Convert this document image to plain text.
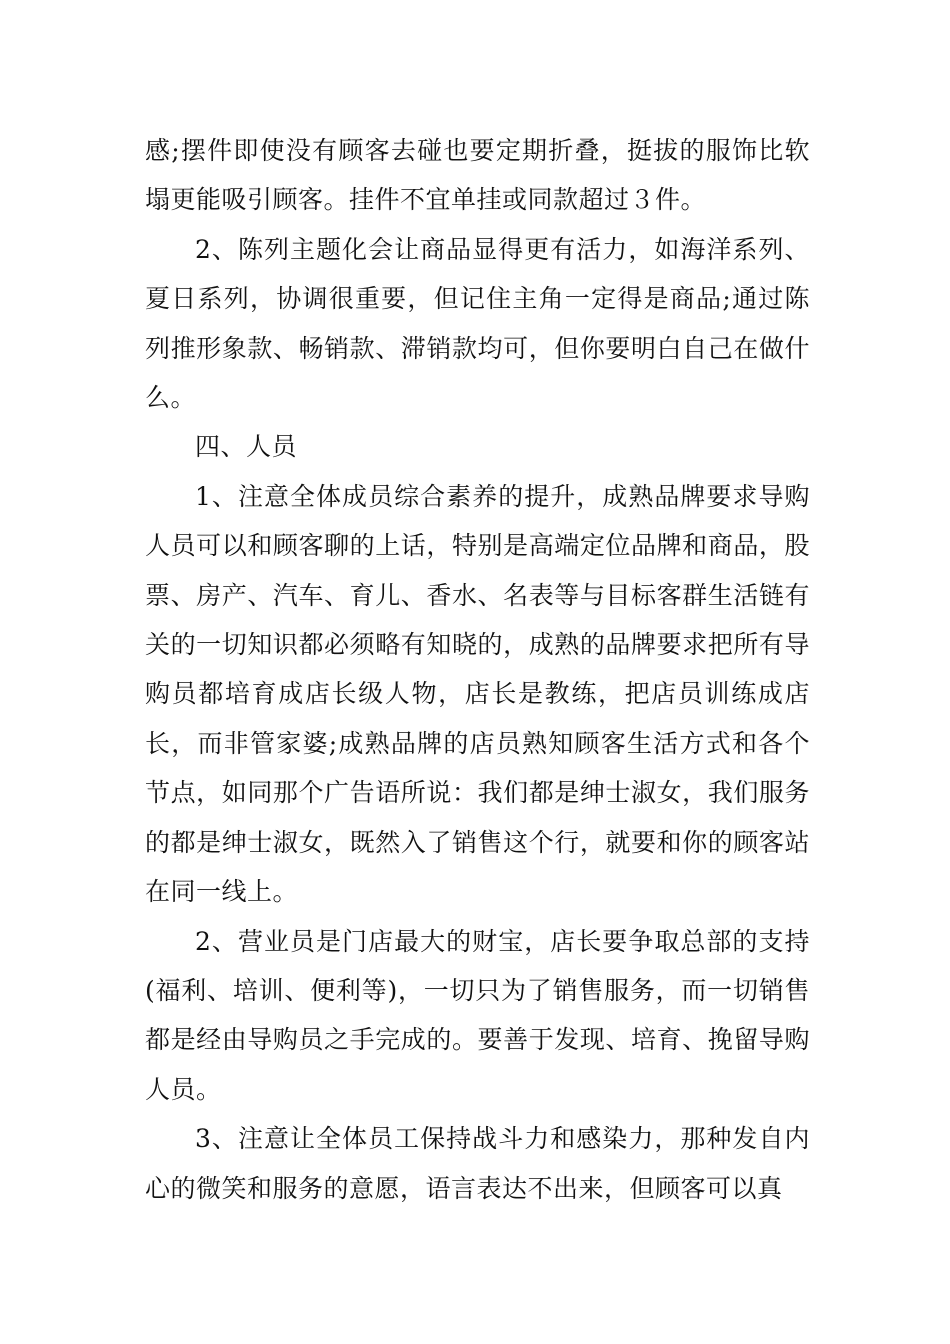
感;摆件即使没有顾客去碰也要定期折叠，挺拔的服饰比软塌更能吸引顾客。挂件不宜单挂或同款超过３件。

2、陈列主题化会让商品显得更有活力，如海洋系列、夏日系列，协调很重要，但记住主角一定得是商品;通过陈列推形象款、畅销款、滞销款均可，但你要明白自己在做什么。

四、人员

1、注意全体成员综合素养的提升，成熟品牌要求导购人员可以和顾客聊的上话，特别是高端定位品牌和商品，股票、房产、汽车、育儿、香水、名表等与目标客群生活链有关的一切知识都必须略有知晓的，成熟的品牌要求把所有导购员都培育成店长级人物，店长是教练，把店员训练成店长，而非管家婆;成熟品牌的店员熟知顾客生活方式和各个节点，如同那个广告语所说：我们都是绅士淑女，我们服务的都是绅士淑女，既然入了销售这个行，就要和你的顾客站在同一线上。

2、营业员是门店最大的财宝，店长要争取总部的支持(福利、培训、便利等)，一切只为了销售服务，而一切销售都是经由导购员之手完成的。要善于发现、培育、挽留导购人员。

3、注意让全体员工保持战斗力和感染力，那种发自内心的微笑和服务的意愿，语言表达不出来，但顾客可以真
